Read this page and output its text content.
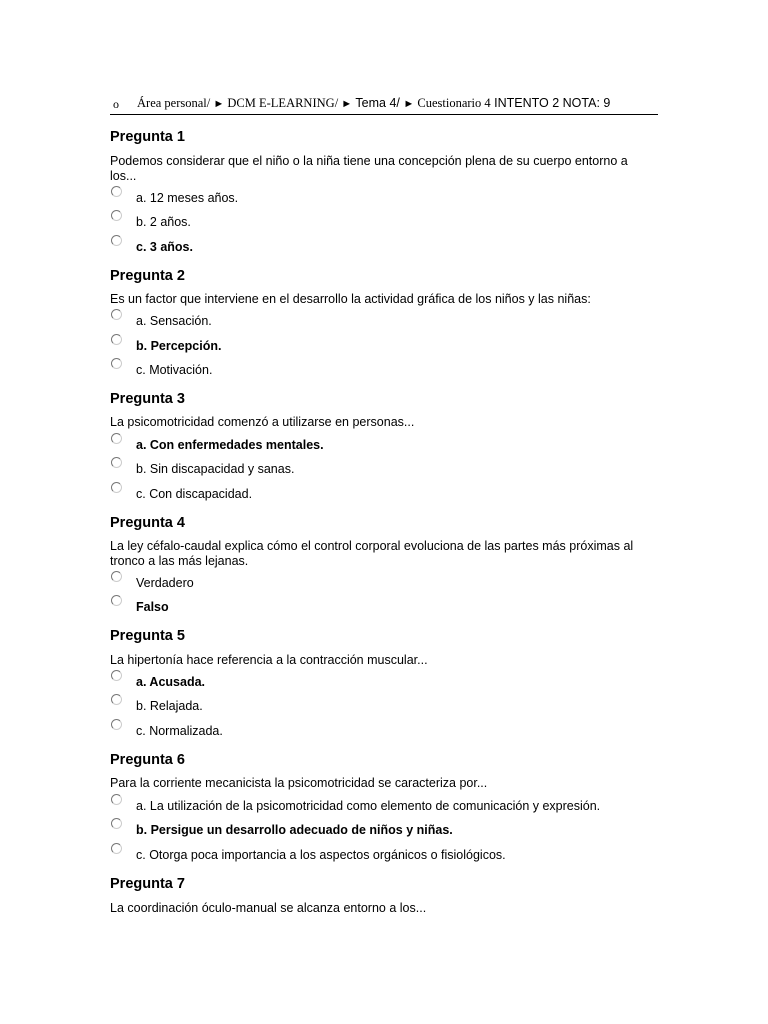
o Área personal/ ► DCM E-LEARNING/ ► Tema 4/ ► Cuestionario 4 INTENTO 2 NOTA: 9
Pregunta 1
Podemos considerar que el niño o la niña tiene una concepción plena de su cuerpo entorno a los...
a. 12 meses años.
b. 2 años.
c. 3 años.
Pregunta 2
Es un factor que interviene en el desarrollo la actividad gráfica de los niños y las niñas:
a. Sensación.
b. Percepción.
c. Motivación.
Pregunta 3
La psicomotricidad comenzó a utilizarse en personas...
a. Con enfermedades mentales.
b. Sin discapacidad y sanas.
c. Con discapacidad.
Pregunta 4
La ley céfalo-caudal explica cómo el control corporal evoluciona de las partes más próximas al tronco a las más lejanas.
Verdadero
Falso
Pregunta 5
La hipertonía hace referencia a la contracción muscular...
a. Acusada.
b. Relajada.
c. Normalizada.
Pregunta 6
Para la corriente mecanicista la psicomotricidad se caracteriza por...
a. La utilización de la psicomotricidad como elemento de comunicación y expresión.
b. Persigue un desarrollo adecuado de niños y niñas.
c. Otorga poca importancia a los aspectos orgánicos o fisiológicos.
Pregunta 7
La coordinación óculo-manual se alcanza entorno a los...
